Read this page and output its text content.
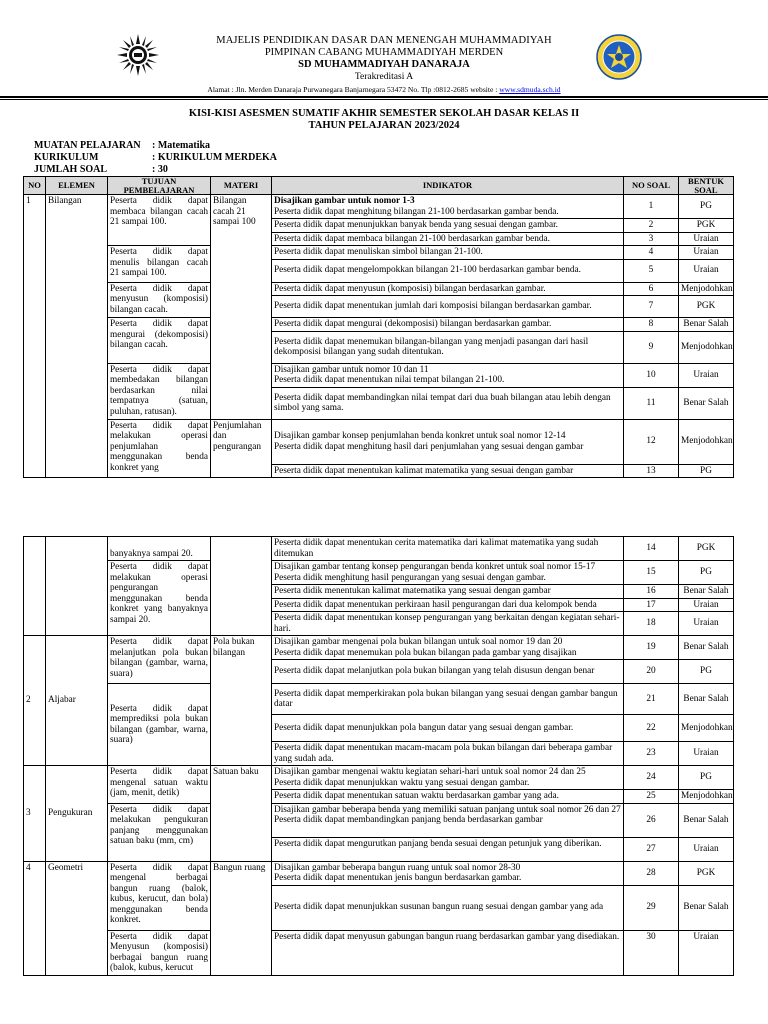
MAJELIS PENDIDIKAN DASAR DAN MENENGAH MUHAMMADIYAH
PIMPINAN CABANG MUHAMMADIYAH MERDEN
SD MUHAMMADIYAH DANARAJA
Terakreditasi A
Alamat : Jln. Merden Danaraja Purwanegara Banjarnegara 53472 No. Tlp :0812-2685 website : www.sdmuda.sch.id
KISI-KISI ASESMEN SUMATIF AKHIR SEMESTER SEKOLAH DASAR KELAS II
TAHUN PELAJARAN 2023/2024
MUATAN PELAJARAN : Matematika
KURIKULUM	: KURIKULUM MERDEKA
JUMLAH SOAL	: 30
NO	ELEMEN	TUJUAN PEMBELAJARAN	MATERI	INDIKATOR	NO SOAL	BENTUK SOAL
1	Bilangan	Peserta didik dapat membaca bilangan cacah 21 sampai 100.	Bilangan cacah 21 sampai 100	Disajikan gambar untuk nomor 1-3
Peserta didik dapat menghitung bilangan 21-100 berdasarkan gambar benda.	1	PG
				Peserta didik dapat menunjukkan banyak benda yang sesuai dengan gambar.	2	PGK
				Peserta didik dapat membaca bilangan 21-100 berdasarkan gambar benda.	3	Uraian
		Peserta didik dapat menulis bilangan cacah 21 sampai 100.		Peserta didik dapat menuliskan simbol bilangan 21-100.	4	Uraian
				Peserta didik dapat mengelompokkan bilangan 21-100 berdasarkan gambar benda.	5	Uraian
		Peserta didik dapat menyusun (komposisi) bilangan cacah.		Peserta didik dapat menyusun (komposisi) bilangan berdasarkan gambar.	6	Menjodohkan
				Peserta didik dapat menentukan jumlah dari komposisi bilangan berdasarkan gambar.	7	PGK
		Peserta didik dapat mengurai (dekomposisi) bilangan cacah.		Peserta didik dapat mengurai (dekomposisi) bilangan berdasarkan gambar.	8	Benar Salah
				Peserta didik dapat menemukan bilangan-bilangan yang menjadi pasangan dari hasil dekomposisi bilangan yang sudah ditentukan.	9	Menjodohkan
		Peserta didik dapat membedakan bilangan berdasarkan nilai tempatnya (satuan, puluhan, ratusan).		Disajikan gambar untuk nomor 10 dan 11
Peserta didik dapat menentukan nilai tempat bilangan 21-100.	10	Uraian
				Peserta didik dapat membandingkan nilai tempat dari dua buah bilangan atau lebih dengan simbol yang sama.	11	Benar Salah
		Peserta didik dapat melakukan operasi penjumlahan menggunakan benda konkret yang	Penjumlahan dan pengurangan	Disajikan gambar konsep penjumlahan benda konkret untuk soal nomor 12-14
Peserta didik dapat menghitung hasil dari penjumlahan yang sesuai dengan gambar	12	Menjodohkan
				Peserta didik dapat menentukan kalimat matematika yang sesuai dengan gambar	13	PG
		banyaknya sampai 20.		Peserta didik dapat menentukan cerita matematika dari kalimat matematika yang sudah ditemukan	14	PGK
		Peserta didik dapat melakukan operasi pengurangan menggunakan benda konkret yang banyaknya sampai 20.		Disajikan gambar tentang konsep pengurangan benda konkret untuk soal nomor 15-17
Peserta didik menghitung hasil pengurangan yang sesuai dengan gambar.	15	PG
				Peserta didik menentukan kalimat matematika yang sesuai dengan gambar	16	Benar Salah
				Peserta didik dapat menentukan perkiraan hasil pengurangan dari dua kelompok benda	17	Uraian
				Peserta didik dapat menentukan konsep pengurangan yang berkaitan dengan kegiatan sehari-hari.	18	Uraian

2	Aljabar	Peserta didik dapat melanjutkan pola bukan bilangan (gambar, warna, suara)	Pola bukan bilangan	Disajikan gambar mengenai pola bukan bilangan untuk soal nomor 19 dan 20
Peserta didik dapat menemukan pola bukan bilangan pada gambar yang disajikan	19	Benar Salah
				Peserta didik dapat melanjutkan pola bukan bilangan yang telah disusun dengan benar	20	PG
		Peserta didik dapat memprediksi pola bukan bilangan (gambar, warna, suara)		Peserta didik dapat memperkirakan pola bukan bilangan yang sesuai dengan gambar bangun datar	21	Benar Salah
				Peserta didik dapat menunjukkan pola bangun datar yang sesuai dengan gambar.	22	Menjodohkan
				Peserta didik dapat menentukan macam-macam pola bukan bilangan dari beberapa gambar yang sudah ada.	23	Uraian
3	Pengukuran	Peserta didik dapat mengenal satuan waktu (jam, menit, detik)	Satuan baku	Disajikan gambar mengenai waktu kegiatan sehari-hari untuk soal nomor 24 dan 25
Peserta didik dapat menunjukkan waktu yang sesuai dengan gambar.	24	PG
				Peserta didik dapat menentukan satuan waktu berdasarkan gambar yang ada.	25	Menjodohkan
		Peserta didik dapat melakukan pengukuran panjang menggunakan satuan baku (mm, cm)		Disajikan gambar beberapa benda yang memiliki satuan panjang untuk soal nomor 26 dan 27
Peserta didik dapat membandingkan panjang benda berdasarkan gambar	26	Benar Salah
				Peserta didik dapat mengurutkan panjang benda sesuai dengan petunjuk yang diberikan.	27	Uraian
4	Geometri	Peserta didik dapat mengenal berbagai bangun ruang (balok, kubus, kerucut, dan bola) menggunakan benda konkret.	Bangun ruang	Disajikan gambar beberapa bangun ruang untuk soal nomor 28-30
Peserta didik dapat menentukan jenis bangun berdasarkan gambar.	28	PGK
				Peserta didik dapat menunjukkan susunan bangun ruang sesuai dengan gambar yang ada	29	Benar Salah
		Peserta didik dapat Menyusun (komposisi) berbagai bangun ruang (balok, kubus, kerucut		Peserta didik dapat menyusun gabungan bangun ruang berdasarkan gambar yang disediakan.	30	Uraian
